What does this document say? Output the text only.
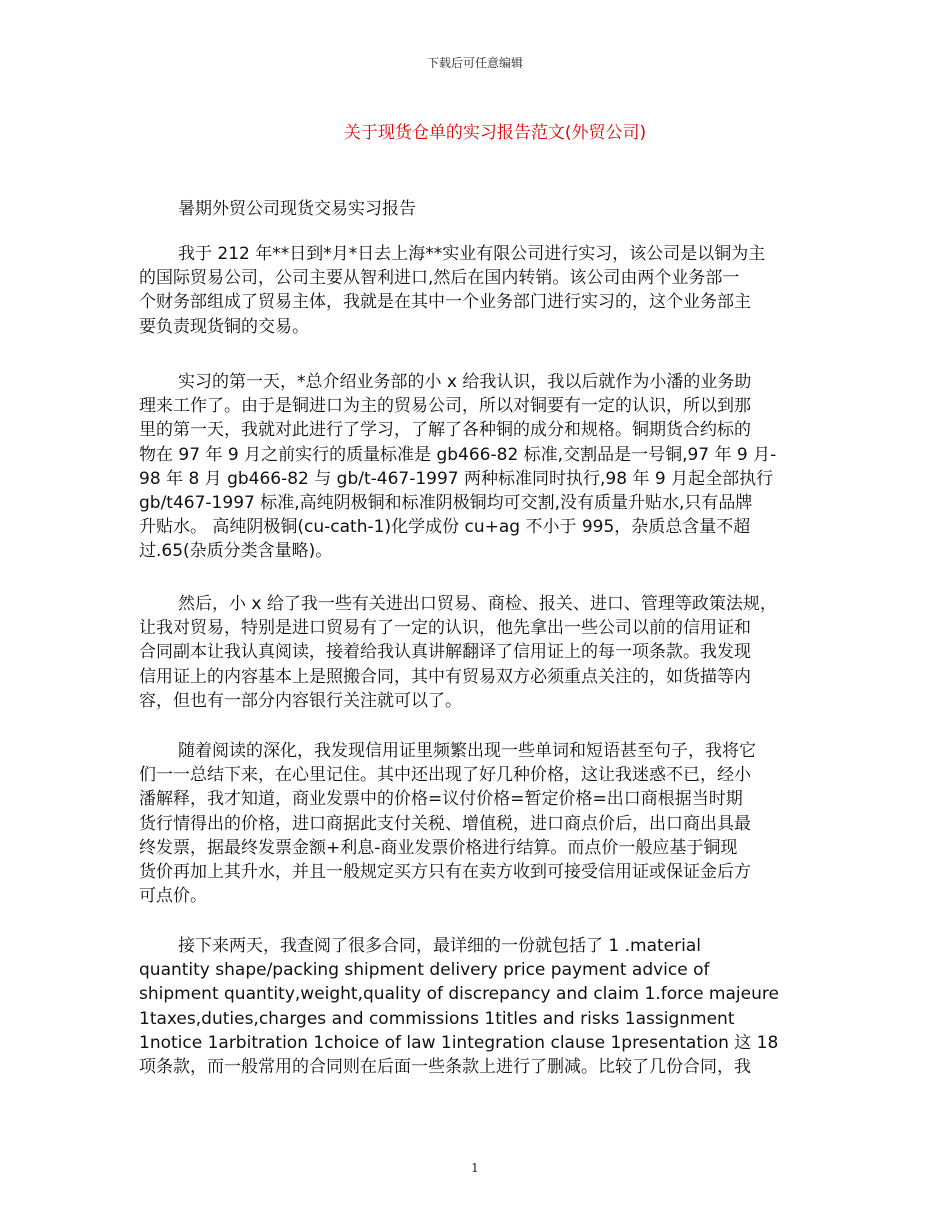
下载后可任意编辑
关于现货仓单的实习报告范文(外贸公司)

暑期外贸公司现货交易实习报告

我于 212 年**日到*月*日去上海**实业有限公司进行实习，该公司是以铜为主
的国际贸易公司，公司主要从智利进口,然后在国内转销。该公司由两个业务部一
个财务部组成了贸易主体，我就是在其中一个业务部门进行实习的，这个业务部主
要负责现货铜的交易。
实习的第一天，*总介绍业务部的小 x 给我认识，我以后就作为小潘的业务助
理来工作了。由于是铜进口为主的贸易公司，所以对铜要有一定的认识，所以到那
里的第一天，我就对此进行了学习，了解了各种铜的成分和规格。铜期货合约标的
物在 97 年 9 月之前实行的质量标准是 gb466-82 标准,交割品是一号铜,97 年 9 月-
98 年 8 月 gb466-82 与 gb/t-467-1997 两种标准同时执行,98 年 9 月起全部执行
gb/t467-1997 标准,高纯阴极铜和标准阴极铜均可交割,没有质量升贴水,只有品牌
升贴水。 高纯阴极铜(cu-cath-1)化学成份 cu+ag 不小于 995，杂质总含量不超
过.65(杂质分类含量略)。
然后，小 x 给了我一些有关进出口贸易、商检、报关、进口、管理等政策法规，
让我对贸易，特别是进口贸易有了一定的认识，他先拿出一些公司以前的信用证和
合同副本让我认真阅读，接着给我认真讲解翻译了信用证上的每一项条款。我发现
信用证上的内容基本上是照搬合同，其中有贸易双方必须重点关注的，如货描等内
容，但也有一部分内容银行关注就可以了。
随着阅读的深化，我发现信用证里频繁出现一些单词和短语甚至句子，我将它
们一一总结下来，在心里记住。其中还出现了好几种价格，这让我迷惑不已，经小
潘解释，我才知道，商业发票中的价格=议付价格=暂定价格=出口商根据当时期
货行情得出的价格，进口商据此支付关税、增值税，进口商点价后，出口商出具最
终发票，据最终发票金额+利息-商业发票价格进行结算。而点价一般应基于铜现
货价再加上其升水，并且一般规定买方只有在卖方收到可接受信用证或保证金后方
可点价。
接下来两天，我查阅了很多合同，最详细的一份就包括了 1 .material
quantity shape/packing shipment delivery price payment advice of
shipment quantity,weight,quality of discrepancy and claim 1.force majeure
1taxes,duties,charges and commissions 1titles and risks 1assignment
1notice 1arbitration 1choice of law 1integration clause 1presentation 这 18
项条款，而一般常用的合同则在后面一些条款上进行了删减。比较了几份合同，我
1
